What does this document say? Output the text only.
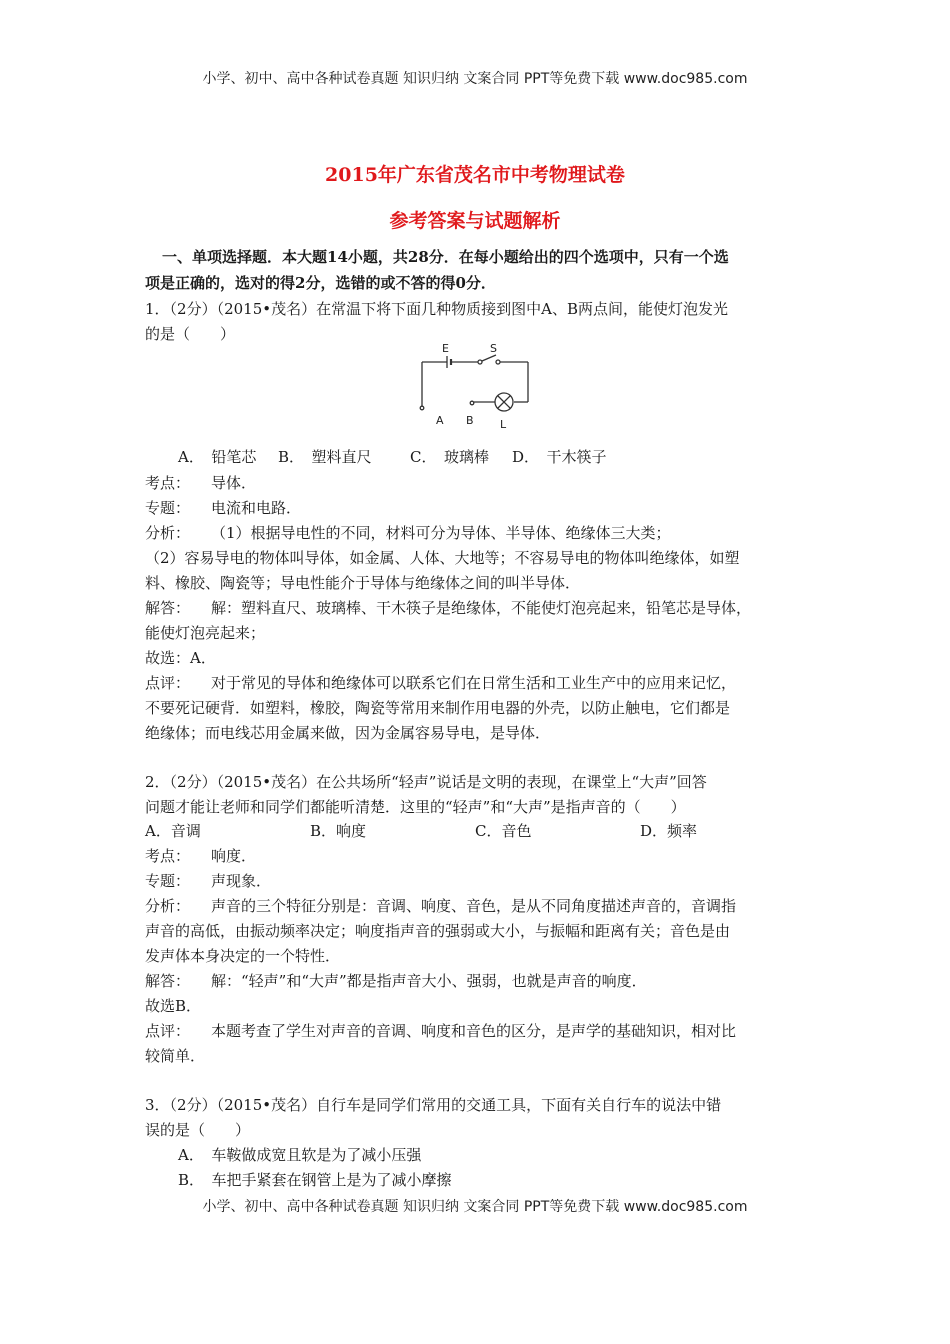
小学、初中、高中各种试卷真题 知识归纳 文案合同 PPT等免费下载 www.doc985.com
2015年广东省茂名市中考物理试卷
参考答案与试题解析
一、单项选择题．本大题14小题，共28分．在每小题给出的四个选项中，只有一个选
项是正确的，选对的得2分，选错的或不答的得0分．
1．（2分）（2015•茂名）在常温下将下面几种物质接到图中A、B两点间，能使灯泡发光
的是（　　）
E	S
A B L
A．　铅笔芯 B．　塑料直尺	C．　玻璃棒 D．　干木筷子
考点： 导体．
专题： 电流和电路．
分析： （1）根据导电性的不同，材料可分为导体、半导体、绝缘体三大类；
（2）容易导电的物体叫导体，如金属、人体、大地等；不容易导电的物体叫绝缘体，如塑
料、橡胶、陶瓷等；导电性能介于导体与绝缘体之间的叫半导体．
解答： 解：塑料直尺、玻璃棒、干木筷子是绝缘体，不能使灯泡亮起来，铅笔芯是导体，
能使灯泡亮起来；
故选：A．
点评： 对于常见的导体和绝缘体可以联系它们在日常生活和工业生产中的应用来记忆，
不要死记硬背．如塑料，橡胶，陶瓷等常用来制作用电器的外壳，以防止触电，它们都是
绝缘体；而电线芯用金属来做，因为金属容易导电，是导体．
2．（2分）（2015•茂名）在公共场所“轻声”说话是文明的表现，在课堂上“大声”回答
问题才能让老师和同学们都能听清楚．这里的“轻声”和“大声”是指声音的（　　）
A．音调	B．响度	C．音色	D．频率
考点： 响度．
专题： 声现象．
分析： 声音的三个特征分别是：音调、响度、音色，是从不同角度描述声音的，音调指
声音的高低，由振动频率决定；响度指声音的强弱或大小，与振幅和距离有关；音色是由
发声体本身决定的一个特性．
解答： 解：“轻声”和“大声”都是指声音大小、强弱，也就是声音的响度．
故选B．
点评： 本题考查了学生对声音的音调、响度和音色的区分，是声学的基础知识，相对比
较简单．
3．（2分）（2015•茂名）自行车是同学们常用的交通工具，下面有关自行车的说法中错
误的是（　　）
A．　车鞍做成宽且软是为了减小压强
B．　车把手紧套在钢管上是为了减小摩擦
小学、初中、高中各种试卷真题 知识归纳 文案合同 PPT等免费下载 www.doc985.com
